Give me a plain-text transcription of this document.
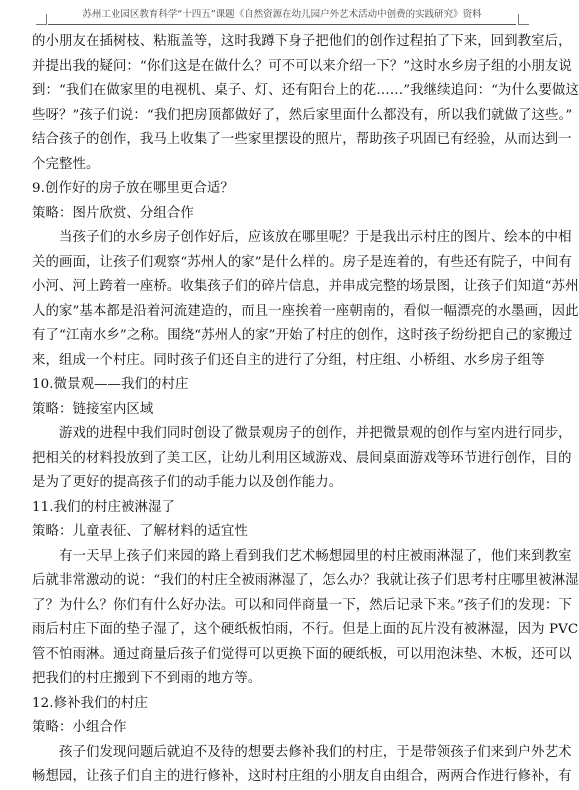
苏州工业园区教育科学“十四五”课题《自然资源在幼儿园户外艺术活动中创费的实践研究》资料
的小朋友在插树枝、粘瓶盖等，这时我蹲下身子把他们的创作过程拍了下来，回到教室后，
并提出我的疑问：“你们这是在做什么？可不可以来介绍一下？”这时水乡房子组的小朋友说
到：“我们在做家里的电视机、桌子、灯、还有阳台上的花……”我继续追问：“为什么要做这
些呀？”孩子们说：“我们把房顶都做好了，然后家里面什么都没有，所以我们就做了这些。”
结合孩子的创作，我马上收集了一些家里摆设的照片，帮助孩子巩固已有经验，从而达到一
个完整性。
9.创作好的房子放在哪里更合适？
策略：图片欣赏、分组合作
当孩子们的水乡房子创作好后，应该放在哪里呢？于是我出示村庄的图片、绘本的中相
关的画面，让孩子们观察“苏州人的家”是什么样的。房子是连着的，有些还有院子，中间有
小河、河上跨着一座桥。收集孩子们的碎片信息，并串成完整的场景图，让孩子们知道“苏州
人的家”基本都是沿着河流建造的，而且一座挨着一座朝南的，看似一幅漂亮的水墨画，因此
有了“江南水乡”之称。围绕“苏州人的家”开始了村庄的创作，这时孩子纷纷把自己的家搬过
来，组成一个村庄。同时孩子们还自主的进行了分组，村庄组、小桥组、水乡房子组等
10.微景观——我们的村庄
策略：链接室内区域
游戏的进程中我们同时创设了微景观房子的创作，并把微景观的创作与室内进行同步，
把相关的材料投放到了美工区，让幼儿利用区域游戏、晨间桌面游戏等环节进行创作，目的
是为了更好的提高孩子们的动手能力以及创作能力。
11.我们的村庄被淋湿了
策略：儿童表征、了解材料的适宜性
有一天早上孩子们来园的路上看到我们艺术畅想园里的村庄被雨淋湿了，他们来到教室
后就非常激动的说：“我们的村庄全被雨淋湿了，怎么办？我就让孩子们思考村庄哪里被淋湿
了？为什么？你们有什么好办法。可以和同伴商量一下，然后记录下来。”孩子们的发现：下
雨后村庄下面的垫子湿了，这个硬纸板怕雨，不行。但是上面的瓦片没有被淋湿，因为 PVC
管不怕雨淋。通过商量后孩子们觉得可以更换下面的硬纸板，可以用泡沫垫、木板，还可以
把我们的村庄搬到下不到雨的地方等。
12.修补我们的村庄
策略：小组合作
孩子们发现问题后就迫不及待的想要去修补我们的村庄，于是带领孩子们来到户外艺术
畅想园，让孩子们自主的进行修补，这时村庄组的小朋友自由组合，两两合作进行修补，有
